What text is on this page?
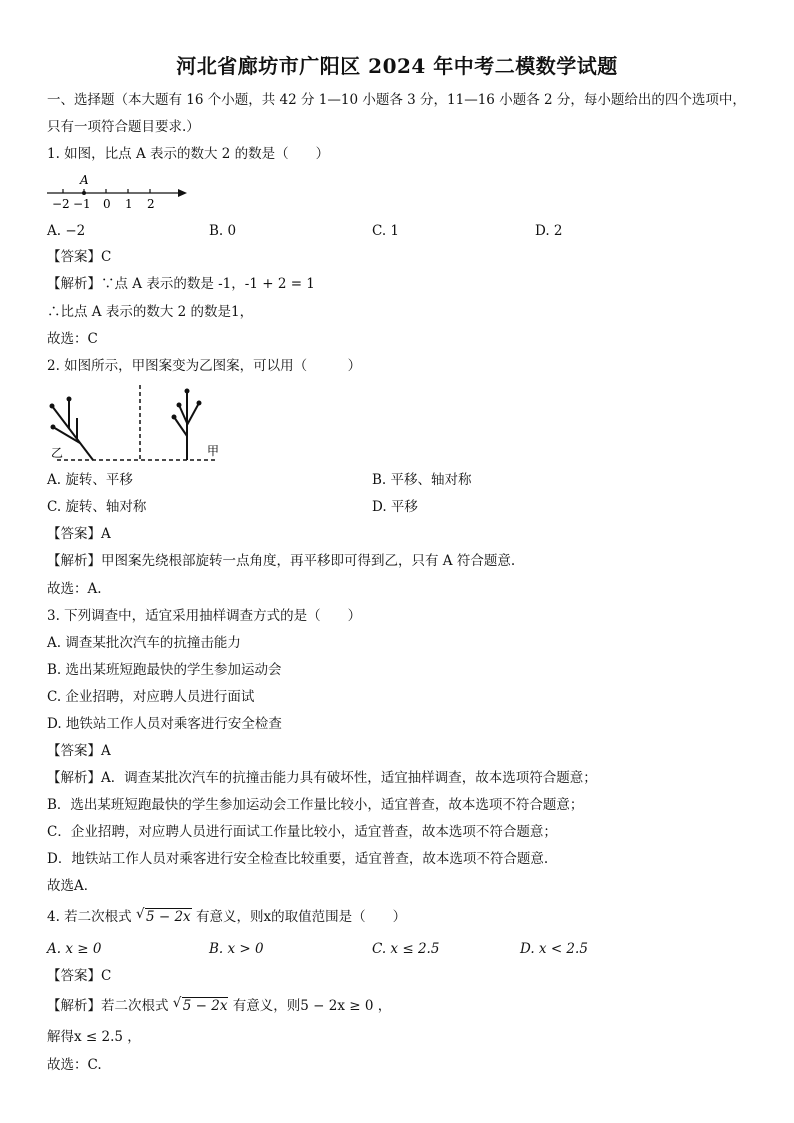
河北省廊坊市广阳区 2024 年中考二模数学试题
一、选择题（本大题有 16 个小题，共 42 分 1—10 小题各 3 分，11—16 小题各 2 分，每小题给出的四个选项中，
只有一项符合题目要求.）
1. 如图，比点 A 表示的数大 2 的数是（　　）
A
−2 −1 0 1 2
A. −2	B. 0	C. 1	D. 2
【答案】C
【解析】∵点 A 表示的数是 -1，-1 + 2 = 1
∴比点 A 表示的数大 2 的数是1，
故选：C
2. 如图所示，甲图案变为乙图案，可以用（　　　）
乙	甲
A. 旋转、平移	B. 平移、轴对称
C. 旋转、轴对称	D. 平移
【答案】A
【解析】甲图案先绕根部旋转一点角度，再平移即可得到乙，只有 A 符合题意.
故选：A.
3. 下列调查中，适宜采用抽样调查方式的是（　　）
A. 调查某批次汽车的抗撞击能力
B. 选出某班短跑最快的学生参加运动会
C. 企业招聘，对应聘人员进行面试
D. 地铁站工作人员对乘客进行安全检查
【答案】A
【解析】A．调查某批次汽车的抗撞击能力具有破坏性，适宜抽样调查，故本选项符合题意；
B．选出某班短跑最快的学生参加运动会工作量比较小，适宜普查，故本选项不符合题意；
C．企业招聘，对应聘人员进行面试工作量比较小，适宜普查，故本选项不符合题意；
D．地铁站工作人员对乘客进行安全检查比较重要，适宜普查，故本选项不符合题意.
故选A．
4. 若二次根式 √ 5 − 2x 有意义，则x的取值范围是（　　）
A. x ≥ 0	B. x > 0	C. x ≤ 2.5	D. x < 2.5
【答案】C
【解析】若二次根式 √ 5 − 2x 有意义，则5 − 2x ≥ 0 ，
解得x ≤ 2.5 ，
故选：C.
